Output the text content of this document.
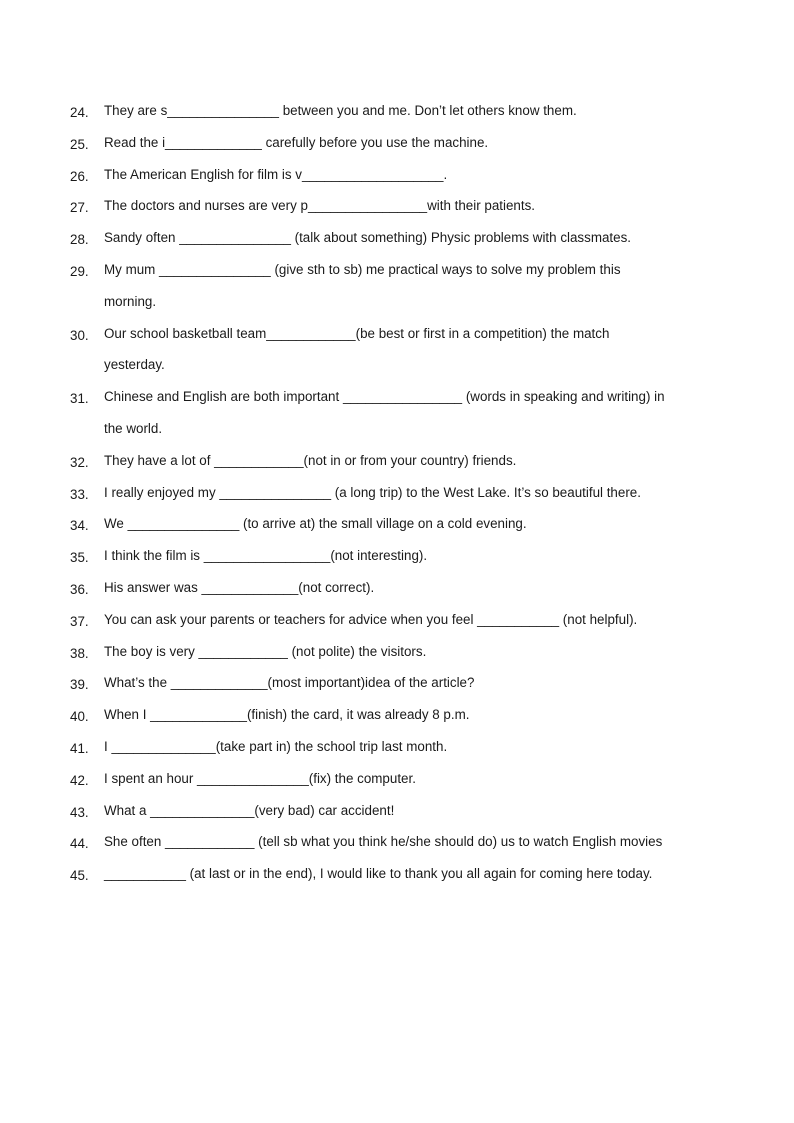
24.	They are s_______________ between you and me. Don’t let others know them.
25.	Read the i_____________ carefully before you use the machine.
26.	The American English for film is v___________________.
27.	The doctors and nurses are very p________________with their patients.
28.	Sandy often _______________ (talk about something) Physic problems with classmates.
29.	My mum _______________ (give sth to sb) me practical ways to solve my problem this
morning.
30.	Our school basketball team____________(be best or first in a competition) the match
yesterday.
31.	Chinese and English are both important ________________ (words in speaking and writing) in
the world.
32.	They have a lot of ____________(not in or from your country) friends.
33.	I really enjoyed my _______________ (a long trip) to the West Lake. It’s so beautiful there.
34.	We _______________ (to arrive at) the small village on a cold evening.
35.	I think the film is _________________(not interesting).
36.	His answer was _____________(not correct).
37.	You can ask your parents or teachers for advice when you feel ___________ (not helpful).
38.	The boy is very ____________ (not polite) the visitors.
39.	What’s the _____________(most important)idea of the article?
40.	When I _____________(finish) the card, it was already 8 p.m.
41.	I ______________(take part in) the school trip last month.
42.	I spent an hour _______________(fix) the computer.
43.	What a ______________(very bad) car accident!
44.	She often ____________ (tell sb what you think he/she should do) us to watch English movies
45.	___________ (at last or in the end), I would like to thank you all again for coming here today.
